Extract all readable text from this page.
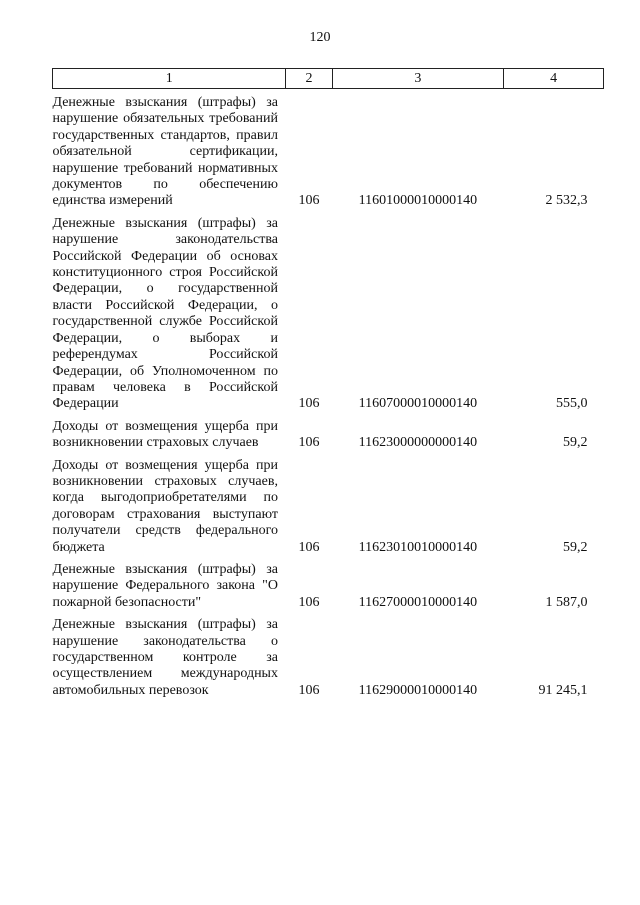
120
1	2	3	4
Денежные взыскания (штрафы) за нарушение обязательных требований государственных стандартов, правил обязательной сертификации, нарушение требований нормативных документов по обеспечению единства измерений	106	11601000010000140	2 532,3
Денежные взыскания (штрафы) за нарушение законодательства Российской Федерации об основах конституционного строя Российской Федерации, о государственной власти Российской Федерации, о государственной службе Российской Федерации, о выборах и референдумах Российской Федерации, об Уполномоченном по правам человека в Российской Федерации	106	11607000010000140	555,0
Доходы от возмещения ущерба при возникновении страховых случаев	106	11623000000000140	59,2
Доходы от возмещения ущерба при возникновении страховых случаев, когда выгодоприобретателями по договорам страхования выступают получатели средств федерального бюджета	106	11623010010000140	59,2
Денежные взыскания (штрафы) за нарушение Федерального закона "О пожарной безопасности"	106	11627000010000140	1 587,0
Денежные взыскания (штрафы) за нарушение законодательства о государственном контроле за осуществлением международных автомобильных перевозок	106	11629000010000140	91 245,1
